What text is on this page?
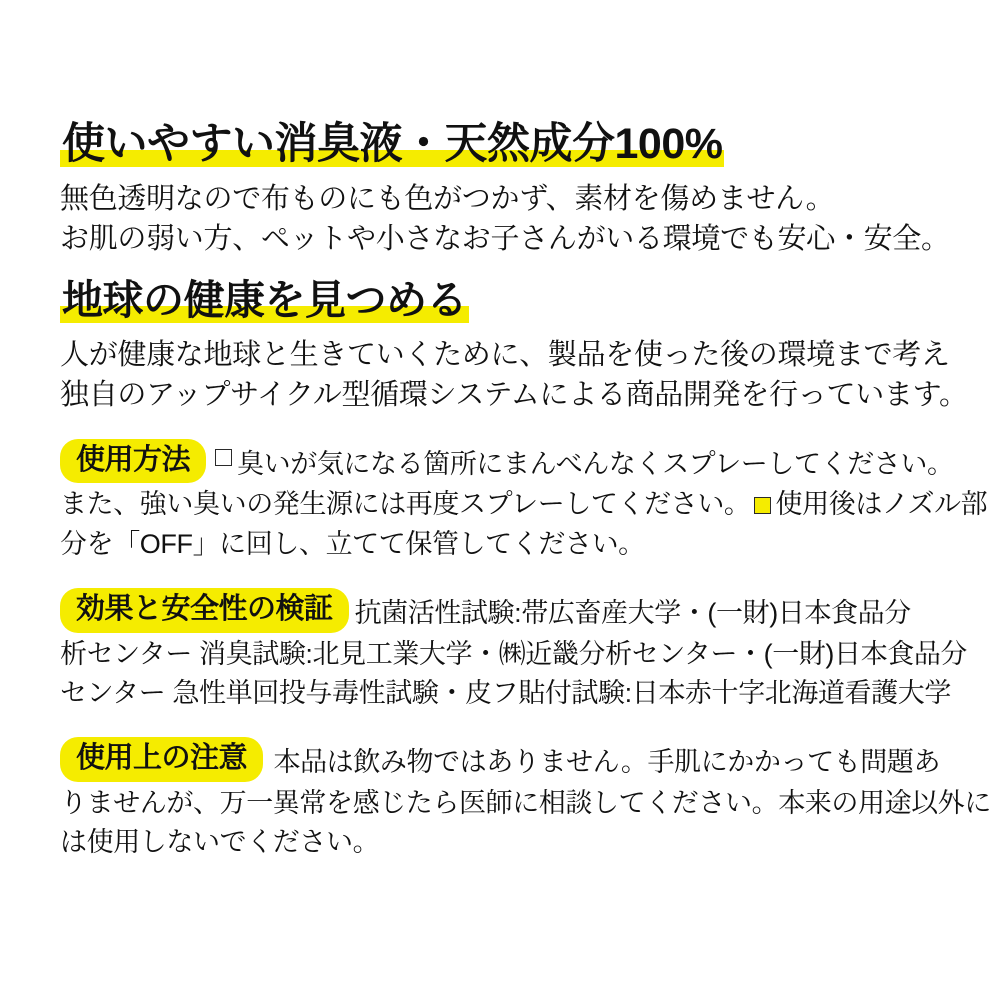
使いやすい消臭液・天然成分100%

無色透明なので布ものにも色がつかず、素材を傷めません。

お肌の弱い方、ペットや小さなお子さんがいる環境でも安心・安全。

地球の健康を見つめる

人が健康な地球と生きていくために、製品を使った後の環境まで考え

独自のアップサイクル型循環システムによる商品開発を行っています。

使用方法 臭いが気になる箇所にまんべんなくスプレーしてください。
また、強い臭いの発生源には再度スプレーしてください。 使用後はノズル部
分を「OFF」に回し、立てて保管してください。
効果と安全性の検証 抗菌活性試験:帯広畜産大学・(一財)日本食品分
析センター 消臭試験:北見工業大学・㈱近畿分析センター・(一財)日本食品分
センター 急性単回投与毒性試験・皮フ貼付試験:日本赤十字北海道看護大学
使用上の注意 本品は飲み物ではありません。手肌にかかっても問題あ
りませんが、万一異常を感じたら医師に相談してください。本来の用途以外に
は使用しないでください。
